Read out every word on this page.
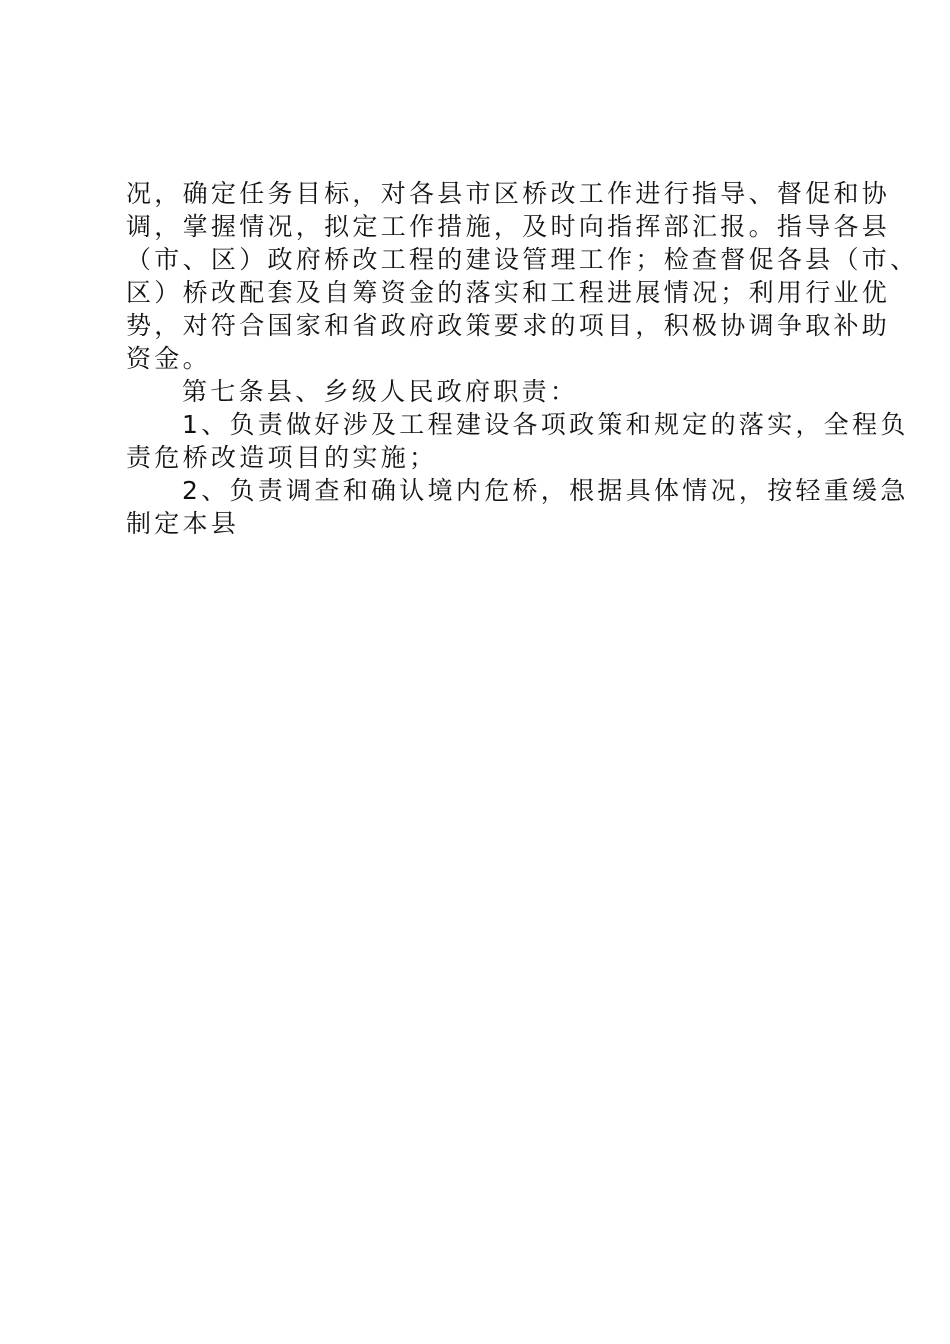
况，确定任务目标，对各县市区桥改工作进行指导、督促和协
调，掌握情况，拟定工作措施，及时向指挥部汇报。指导各县
（市、区）政府桥改工程的建设管理工作；检查督促各县（市、
区）桥改配套及自筹资金的落实和工程进展情况；利用行业优
势，对符合国家和省政府政策要求的项目，积极协调争取补助
资金。
第七条县、乡级人民政府职责：
1、负责做好涉及工程建设各项政策和规定的落实，全程负
责危桥改造项目的实施；
2、负责调查和确认境内危桥，根据具体情况，按轻重缓急
制定本县
